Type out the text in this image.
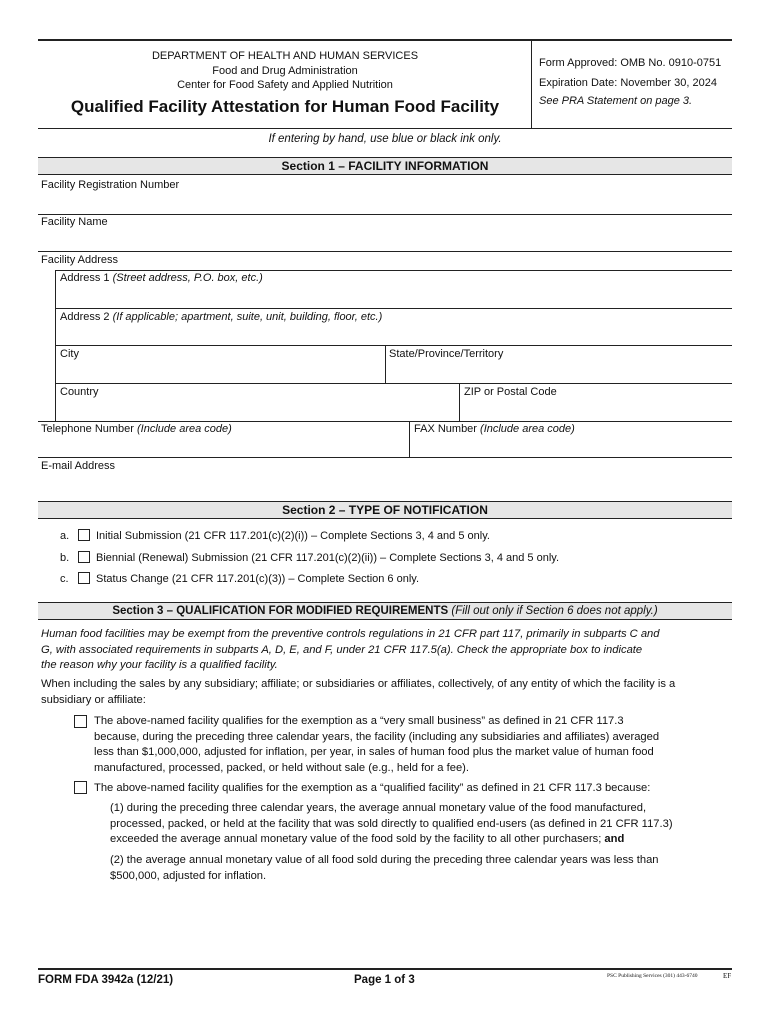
DEPARTMENT OF HEALTH AND HUMAN SERVICES
Food and Drug Administration
Center for Food Safety and Applied Nutrition
Qualified Facility Attestation for Human Food Facility
Form Approved: OMB No. 0910-0751
Expiration Date: November 30, 2024
See PRA Statement on page 3.
If entering by hand, use blue or black ink only.
Section 1 – FACILITY INFORMATION
Facility Registration Number
Facility Name
Facility Address
Address 1 (Street address, P.O. box, etc.)
Address 2 (If applicable; apartment, suite, unit, building, floor, etc.)
City	State/Province/Territory
Country	ZIP or Postal Code
Telephone Number (Include area code)	FAX Number (Include area code)
E-mail Address
Section 2 – TYPE OF NOTIFICATION
a. Initial Submission (21 CFR 117.201(c)(2)(i)) – Complete Sections 3, 4 and 5 only.
b. Biennial (Renewal) Submission (21 CFR 117.201(c)(2)(ii)) – Complete Sections 3, 4 and 5 only.
c. Status Change (21 CFR 117.201(c)(3)) – Complete Section 6 only.
Section 3 – QUALIFICATION FOR MODIFIED REQUIREMENTS (Fill out only if Section 6 does not apply.)
Human food facilities may be exempt from the preventive controls regulations in 21 CFR part 117, primarily in subparts C and
G, with associated requirements in subparts A, D, E, and F, under 21 CFR 117.5(a). Check the appropriate box to indicate
the reason why your facility is a qualified facility.
When including the sales by any subsidiary; affiliate; or subsidiaries or affiliates, collectively, of any entity of which the facility is a
subsidiary or affiliate:
The above-named facility qualifies for the exemption as a “very small business” as defined in 21 CFR 117.3
because, during the preceding three calendar years, the facility (including any subsidiaries and affiliates) averaged
less than $1,000,000, adjusted for inflation, per year, in sales of human food plus the market value of human food
manufactured, processed, packed, or held without sale (e.g., held for a fee).
The above-named facility qualifies for the exemption as a “qualified facility” as defined in 21 CFR 117.3 because:
(1) during the preceding three calendar years, the average annual monetary value of the food manufactured,
processed, packed, or held at the facility that was sold directly to qualified end-users (as defined in 21 CFR 117.3)
exceeded the average annual monetary value of the food sold by the facility to all other purchasers; and
(2) the average annual monetary value of all food sold during the preceding three calendar years was less than
$500,000, adjusted for inflation.
FORM FDA 3942a (12/21)	Page 1 of 3	PSC Publishing Services (301) 443-6740	EF
